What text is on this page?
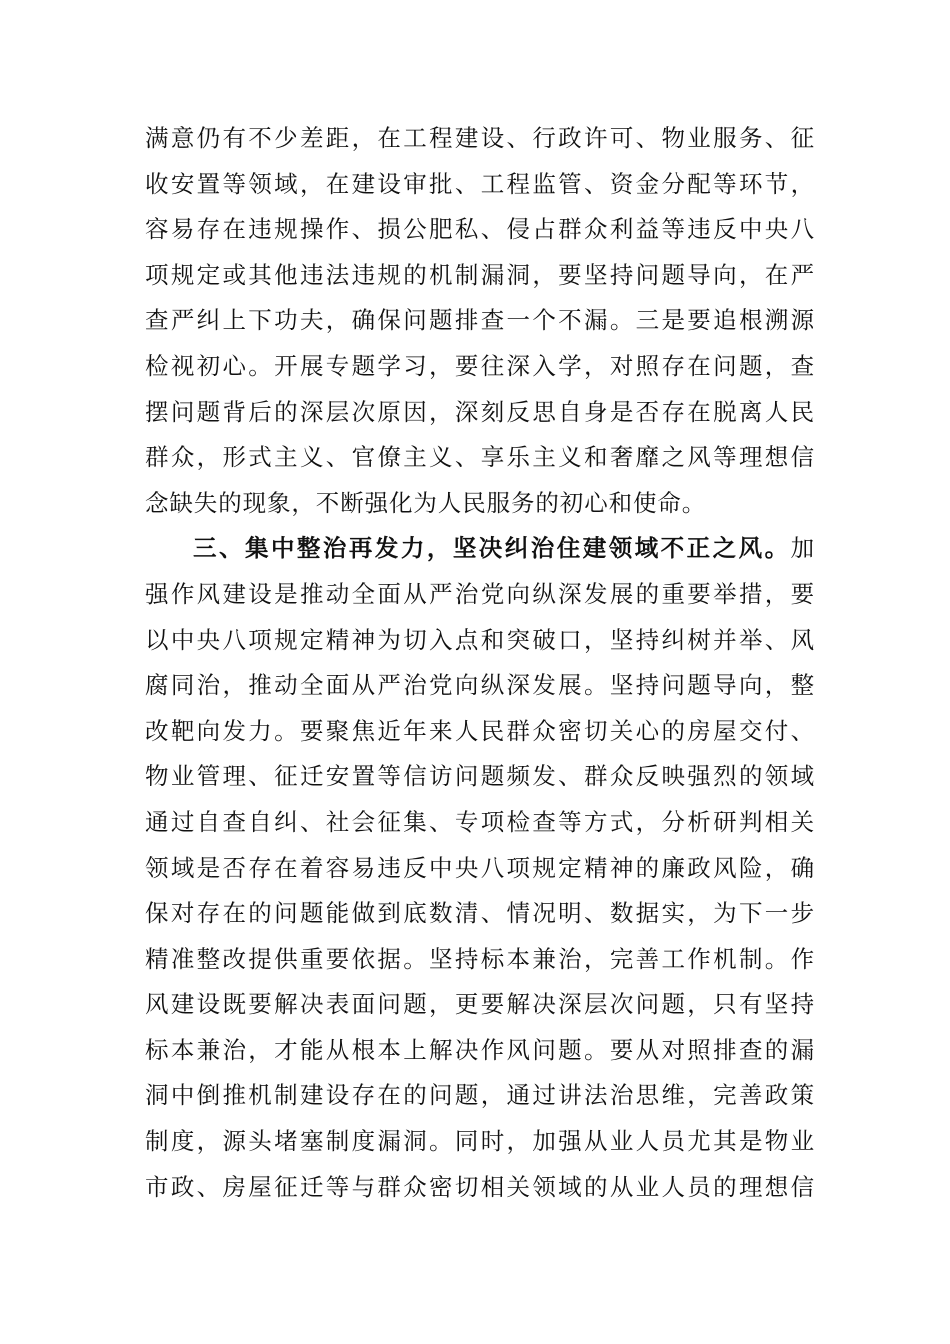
满意仍有不少差距，在工程建设、行政许可、物业服务、征
收安置等领域，在建设审批、工程监管、资金分配等环节，
容易存在违规操作、损公肥私、侵占群众利益等违反中央八
项规定或其他违法违规的机制漏洞，要坚持问题导向，在严
查严纠上下功夫，确保问题排查一个不漏。三是要追根溯源
检视初心。开展专题学习，要往深入学，对照存在问题，查
摆问题背后的深层次原因，深刻反思自身是否存在脱离人民
群众，形式主义、官僚主义、享乐主义和奢靡之风等理想信
念缺失的现象，不断强化为人民服务的初心和使命。
三、集中整治再发力，坚决纠治住建领域不正之风。加
强作风建设是推动全面从严治党向纵深发展的重要举措，要
以中央八项规定精神为切入点和突破口，坚持纠树并举、风
腐同治，推动全面从严治党向纵深发展。坚持问题导向，整
改靶向发力。要聚焦近年来人民群众密切关心的房屋交付、
物业管理、征迁安置等信访问题频发、群众反映强烈的领域
通过自查自纠、社会征集、专项检查等方式，分析研判相关
领域是否存在着容易违反中央八项规定精神的廉政风险，确
保对存在的问题能做到底数清、情况明、数据实，为下一步
精准整改提供重要依据。坚持标本兼治，完善工作机制。作
风建设既要解决表面问题，更要解决深层次问题，只有坚持
标本兼治，才能从根本上解决作风问题。要从对照排查的漏
洞中倒推机制建设存在的问题，通过讲法治思维，完善政策
制度，源头堵塞制度漏洞。同时，加强从业人员尤其是物业
市政、房屋征迁等与群众密切相关领域的从业人员的理想信
